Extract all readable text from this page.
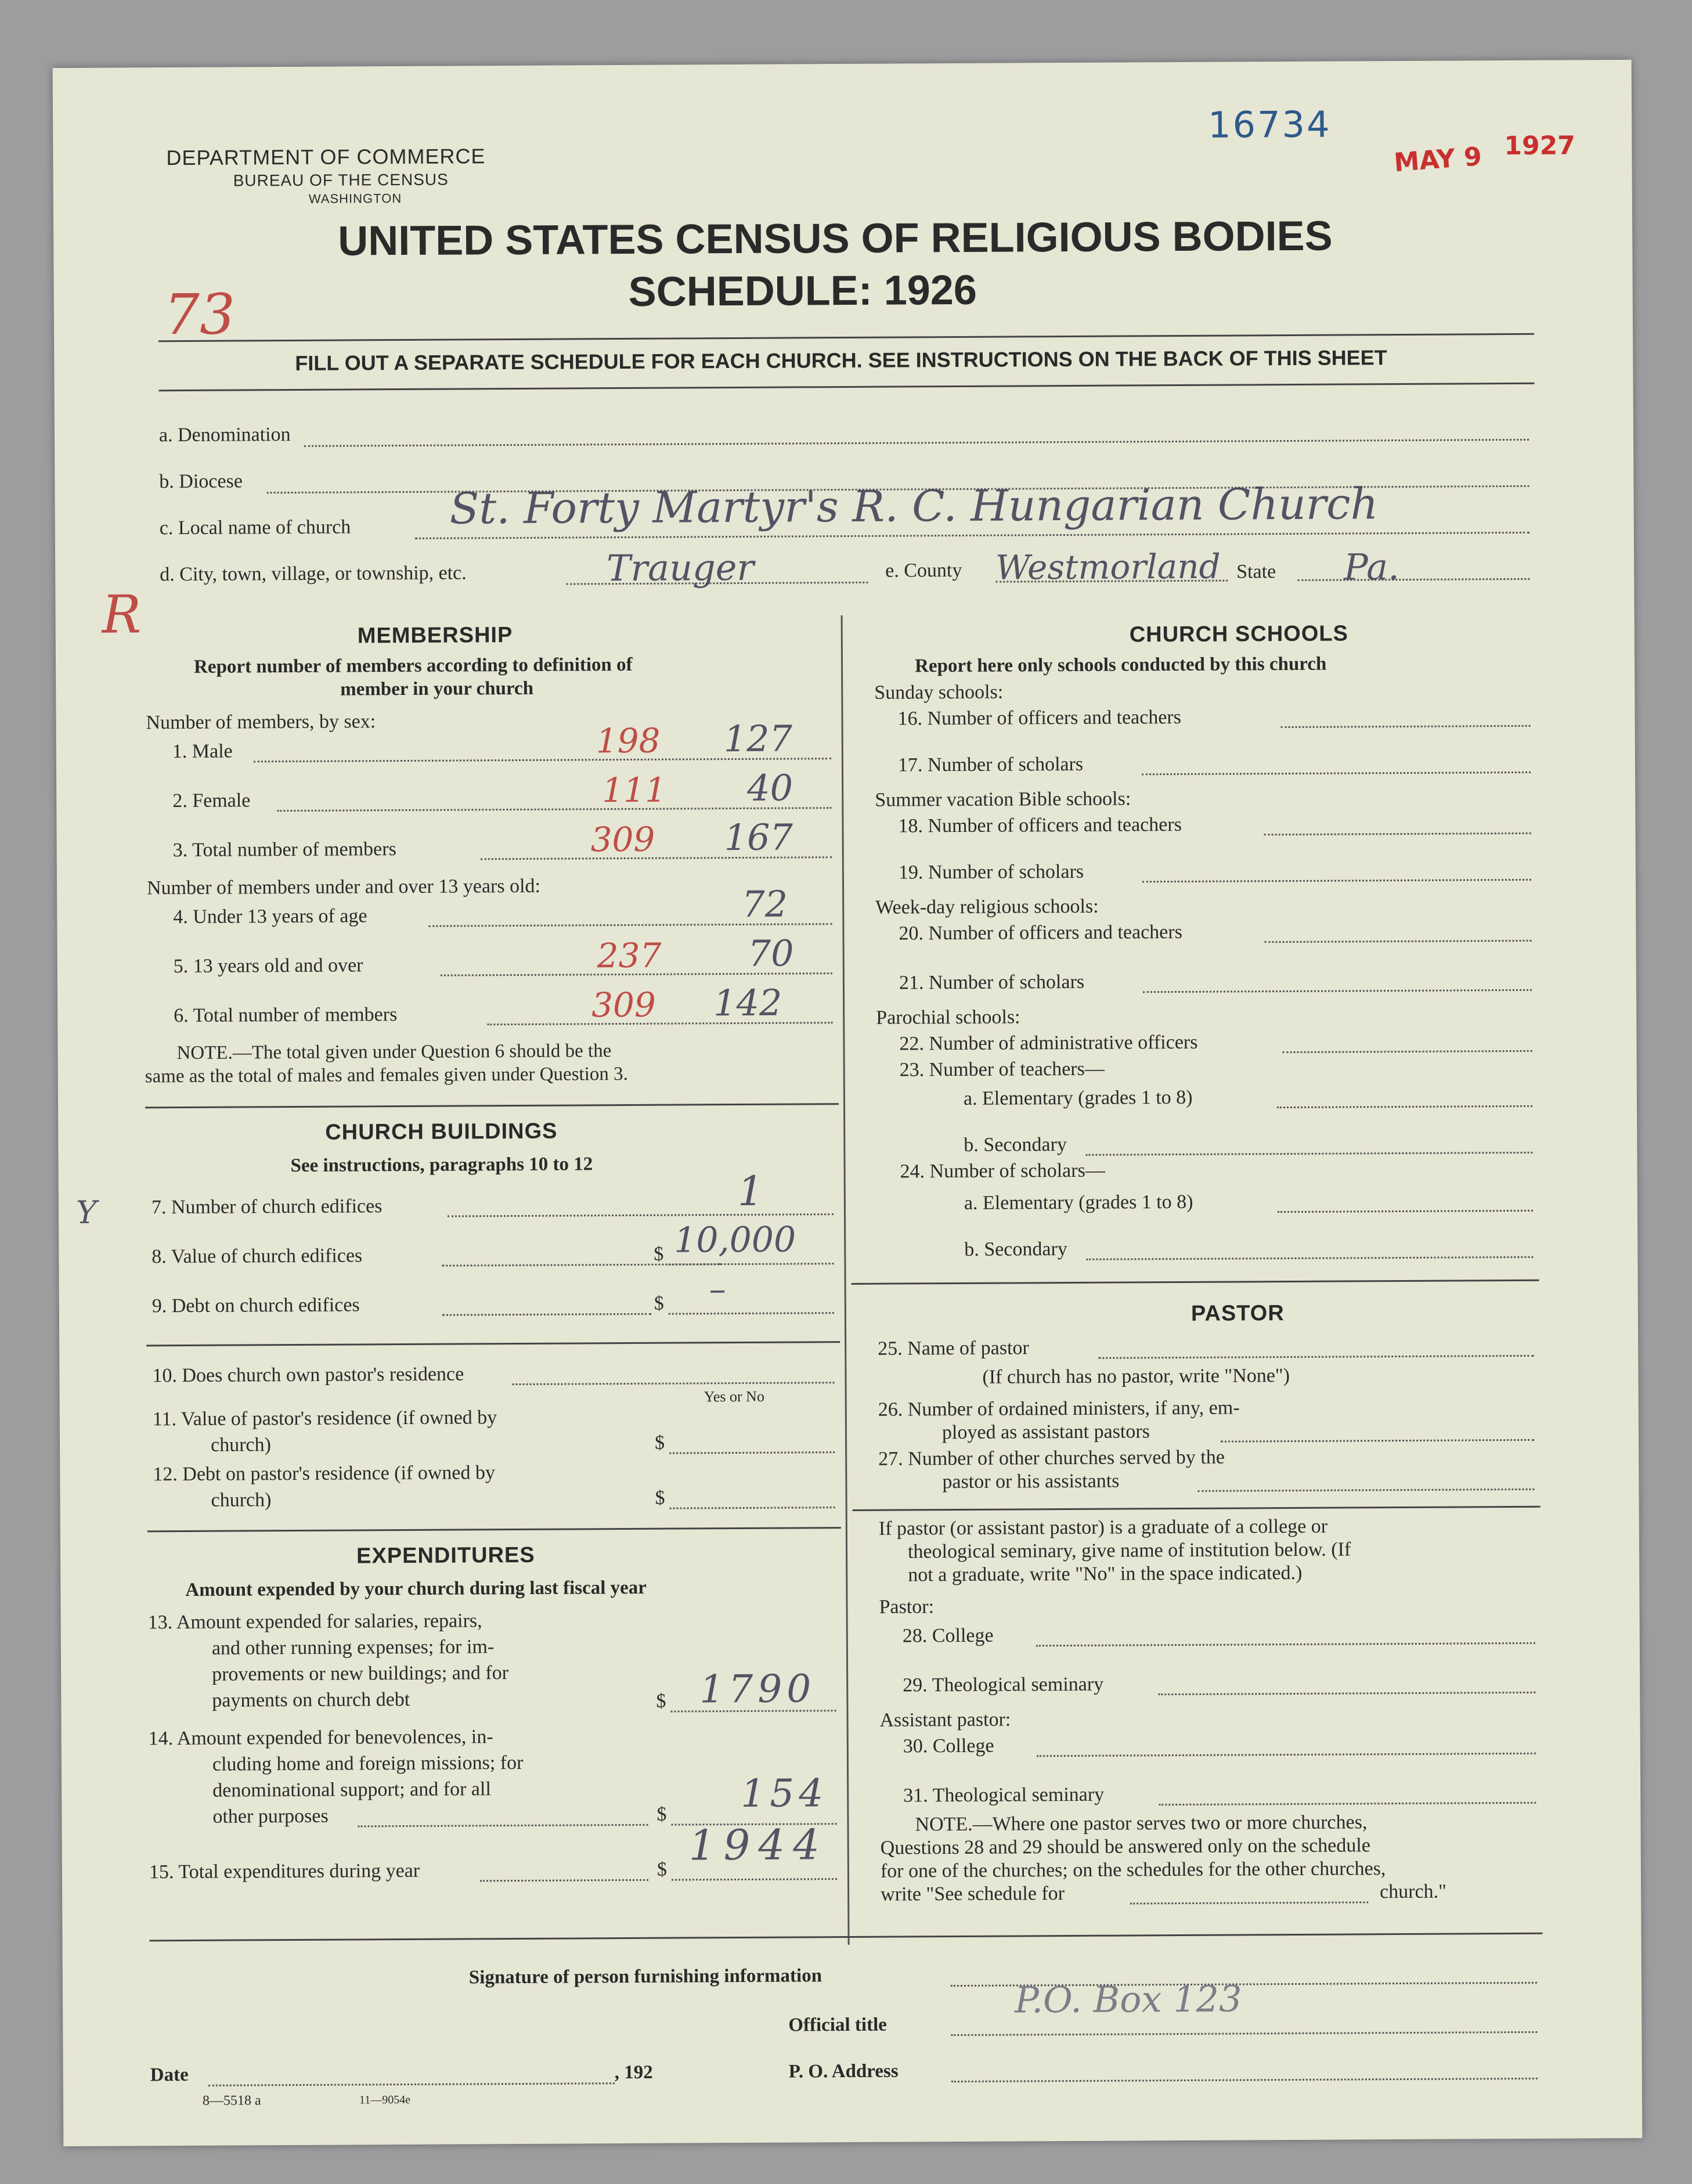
DEPARTMENT OF COMMERCE
BUREAU OF THE CENSUS
WASHINGTON
16734
MAY 9 1927
UNITED STATES CENSUS OF RELIGIOUS BODIES
SCHEDULE: 1926
73
FILL OUT A SEPARATE SCHEDULE FOR EACH CHURCH. SEE INSTRUCTIONS ON THE BACK OF THIS SHEET
a. Denomination
b. Diocese
c. Local name of church St. Forty Martyr's R. C. Hungarian Church
d. City, town, village, or township, etc.	Trauger	e. County Westmorland State Pa.
R	MEMBERSHIP
Report number of members according to definition of
member in your church
Number of members, by sex:
1. Male	198 127
2. Female	111 40
3. Total number of members	309 167
Number of members under and over 13 years old:
4. Under 13 years of age	72
5. 13 years old and over	237 70
6. Total number of members	309 142
NOTE.—The total given under Question 6 should be the
same as the total of males and females given under Question 3.
CHURCH BUILDINGS
See instructions, paragraphs 10 to 12
7. Number of church edifices	1
Y
8. Value of church edifices	$ 10,000
9. Debt on church edifices	$ –
10. Does church own pastor's residence
Yes or No
11. Value of pastor's residence (if owned by
church)	$
12. Debt on pastor's residence (if owned by
church)	$
EXPENDITURES
Amount expended by your church during last fiscal year
13. Amount expended for salaries, repairs,
and other running expenses; for im-
provements or new buildings; and for
payments on church debt	$ 1790
14. Amount expended for benevolences, in-
cluding home and foreign missions; for
denominational support; and for all
other purposes	$ 154
15. Total expenditures during year	$ 1944
CHURCH SCHOOLS
Report here only schools conducted by this church
Sunday schools:
16. Number of officers and teachers
17. Number of scholars
Summer vacation Bible schools:
18. Number of officers and teachers
19. Number of scholars
Week-day religious schools:
20. Number of officers and teachers
21. Number of scholars
Parochial schools:
22. Number of administrative officers
23. Number of teachers—
a. Elementary (grades 1 to 8)
b. Secondary
24. Number of scholars—
a. Elementary (grades 1 to 8)
b. Secondary
PASTOR
25. Name of pastor
(If church has no pastor, write "None")
26. Number of ordained ministers, if any, em-
ployed as assistant pastors
27. Number of other churches served by the
pastor or his assistants
If pastor (or assistant pastor) is a graduate of a college or
theological seminary, give name of institution below. (If
not a graduate, write "No" in the space indicated.)
Pastor:
28. College
29. Theological seminary
Assistant pastor:
30. College
31. Theological seminary
NOTE.—Where one pastor serves two or more churches,
Questions 28 and 29 should be answered only on the schedule
for one of the churches; on the schedules for the other churches,
write "See schedule for	church."
Signature of person furnishing information
Official title
P.O. Box 123
Date	, 192	P. O. Address
8—5518 a	11—9054e
